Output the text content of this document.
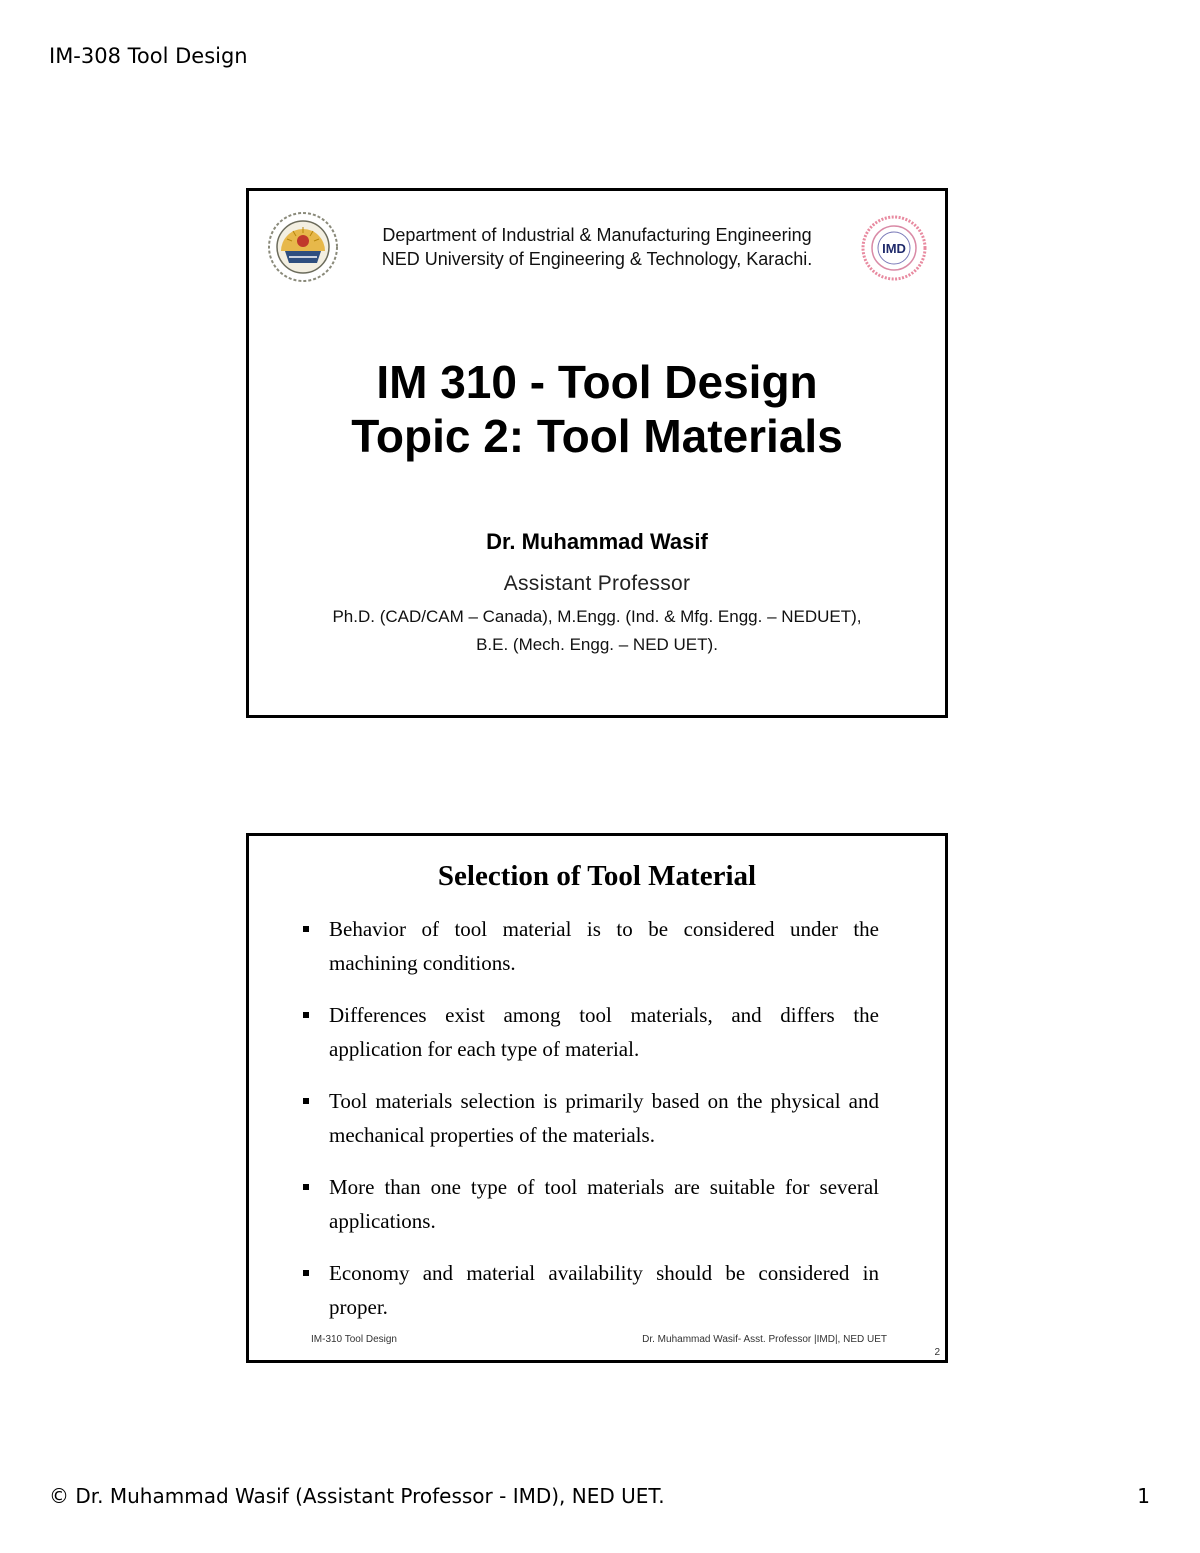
IM-308 Tool Design
IMD
Department of Industrial & Manufacturing Engineering
NED University of Engineering & Technology, Karachi.
IM 310 - Tool Design
Topic 2: Tool Materials
Dr. Muhammad Wasif
Assistant Professor
Ph.D. (CAD/CAM – Canada), M.Engg. (Ind. & Mfg. Engg. – NEDUET),
B.E. (Mech. Engg. – NED UET).
Selection of Tool Material
Behavior of tool material is to be considered under the machining conditions.
Differences exist among tool materials, and differs the application for each type of material.
Tool materials selection is primarily based on the physical and mechanical properties of the materials.
More than one type of tool materials are suitable for several applications.
Economy and material availability should be considered in proper.
IM-310 Tool Design	Dr. Muhammad Wasif- Asst. Professor |IMD|, NED UET
2
© Dr. Muhammad Wasif (Assistant Professor - IMD), NED UET.	1
